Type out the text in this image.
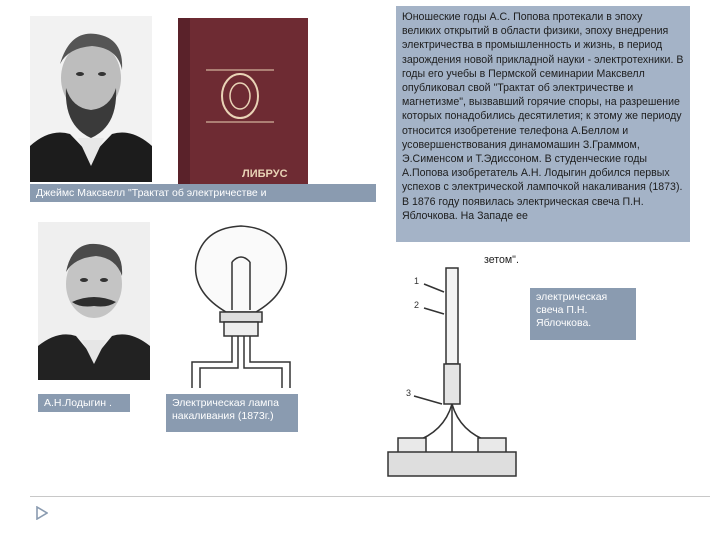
ЛИБРУС
Джеймс Максвелл "Трактат об электричестве и
А.Н.Лодыгин .	Электрическая лампа накаливания (1873г.)
Юношеские годы А.С. Попова протекали в эпоху великих открытий в области физики, эпоху внедрения электричества в промышленность и жизнь, в период зарождения новой прикладной науки - электротехники. В годы его учебы в Пермской семинарии Максвелл опубликовал свой "Трактат об электричестве и магнетизме", вызвавший горячие споры, на разрешение которых понадобились десятилетия; к этому же периоду относится изобретение телефона А.Беллом и усовершенствования динамомашин З.Граммом, Э.Сименсом и Т.Эдиссоном. В студенческие годы А.Попова изобретатель А.Н. Лодыгин добился первых успехов с электрической лампочкой накаливания (1873). В 1876 году появилась электрическая свеча П.Н. Яблочкова. На Западе ее
зетом".
1
2
3
электрическая свеча П.Н. Яблочкова.
